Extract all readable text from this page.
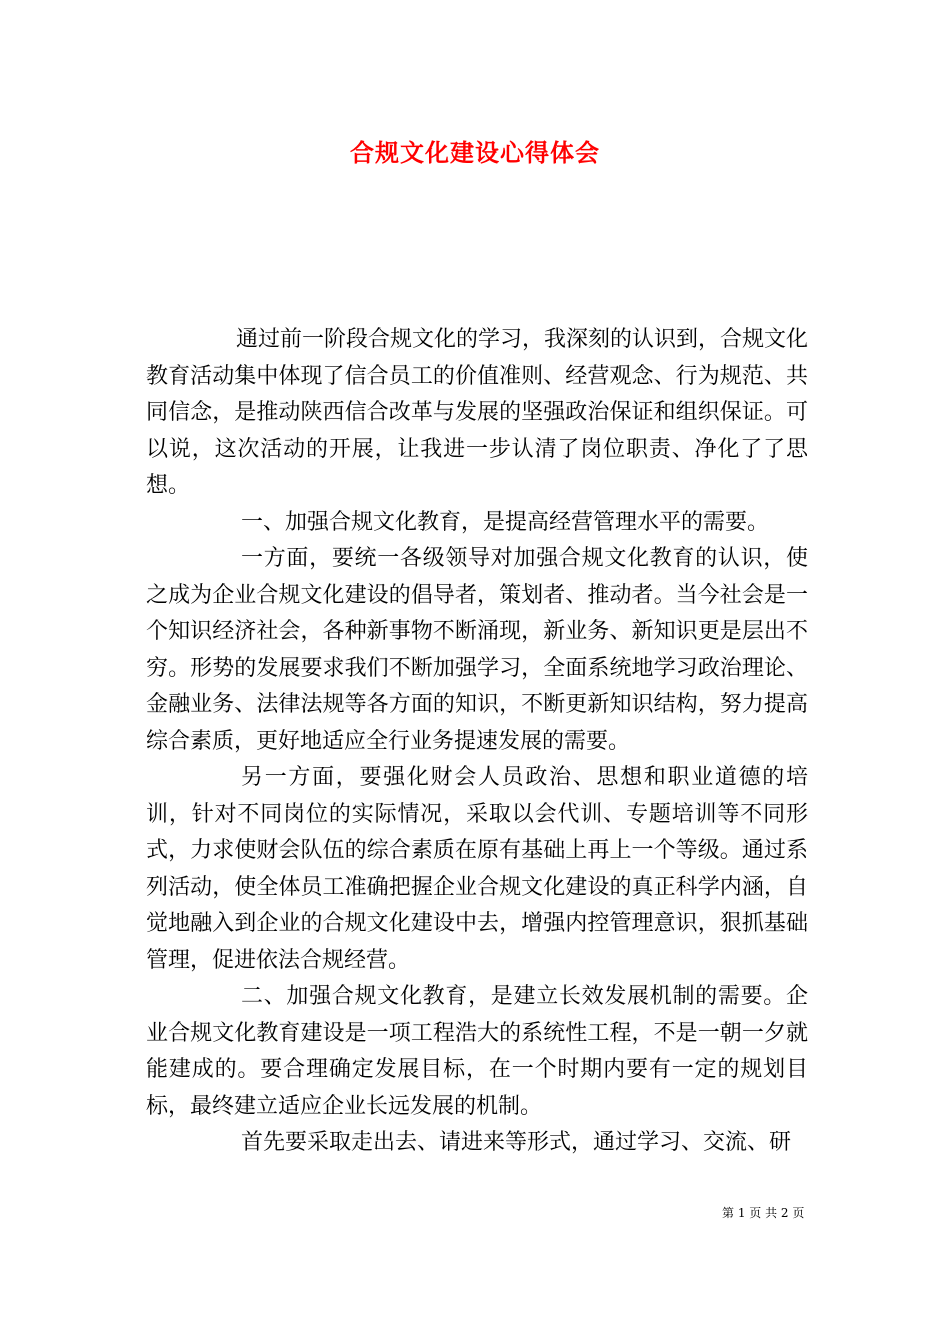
合规文化建设心得体会

通过前一阶段合规文化的学习，我深刻的认识到，合规文化教育活动集中体现了信合员工的价值准则、经营观念、行为规范、共同信念，是推动陕西信合改革与发展的坚强政治保证和组织保证。可以说，这次活动的开展，让我进一步认清了岗位职责、净化了了思想。

一、加强合规文化教育，是提高经营管理水平的需要。

一方面，要统一各级领导对加强合规文化教育的认识，使之成为企业合规文化建设的倡导者，策划者、推动者。当今社会是一个知识经济社会，各种新事物不断涌现，新业务、新知识更是层出不穷。形势的发展要求我们不断加强学习，全面系统地学习政治理论、金融业务、法律法规等各方面的知识，不断更新知识结构，努力提高综合素质，更好地适应全行业务提速发展的需要。

另一方面，要强化财会人员政治、思想和职业道德的培训，针对不同岗位的实际情况，采取以会代训、专题培训等不同形式，力求使财会队伍的综合素质在原有基础上再上一个等级。通过系列活动，使全体员工准确把握企业合规文化建设的真正科学内涵，自觉地融入到企业的合规文化建设中去，增强内控管理意识，狠抓基础管理，促进依法合规经营。

二、加强合规文化教育，是建立长效发展机制的需要。企业合规文化教育建设是一项工程浩大的系统性工程，不是一朝一夕就能建成的。要合理确定发展目标，在一个时期内要有一定的规划目标，最终建立适应企业长远发展的机制。

首先要采取走出去、请进来等形式，通过学习、交流、研

第 1 页 共 2 页
